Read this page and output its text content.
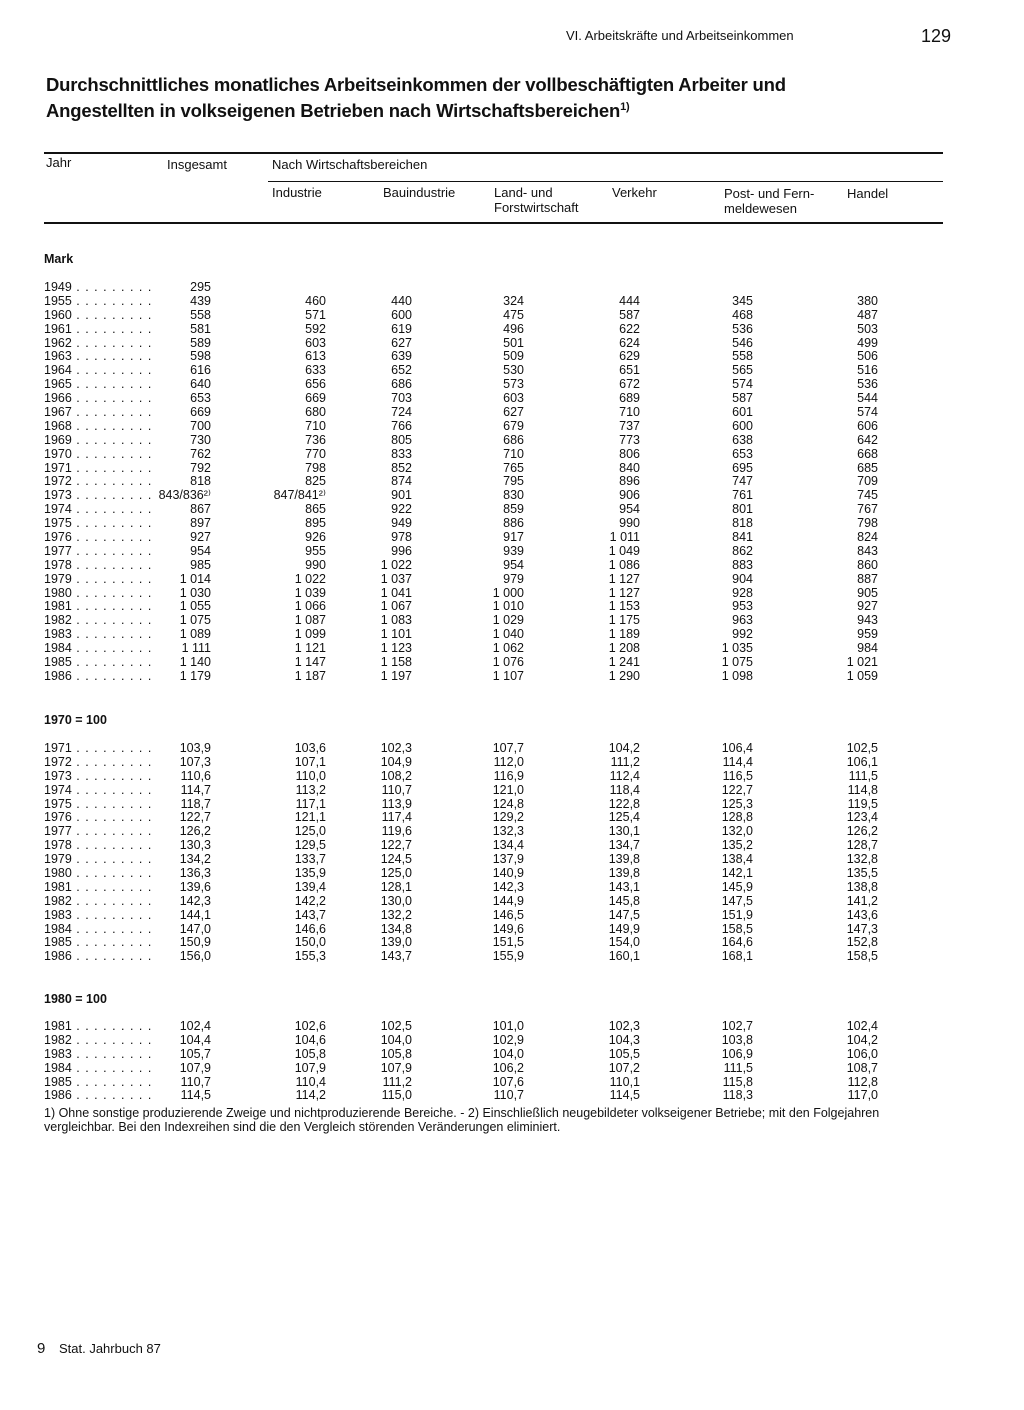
VI. Arbeitskräfte und Arbeitseinkommen	129
Durchschnittliches monatliches Arbeitseinkommen der vollbeschäftigten Arbeiter und
Angestellten in volkseigenen Betrieben nach Wirtschaftsbereichen$^{1)}$
Jahr	Insgesamt	Nach Wirtschaftsbereichen
Industrie	Bauindustrie	Land- und
Forstwirtschaft
Verkehr	Post- und Fern-
meldewesen
Handel
Mark
1949 . . .	295
1955 . . .	439	460	440	324	444	345	380
1960 . . .	558	571	600	475	587	468	487
1961 . . .	581	592	619	496	622	536	503
1962 . . .	589	603	627	501	624	546	499
1963 . . .	598	613	639	509	629	558	506
1964 . . .	616	633	652	530	651	565	516
1965 . . .	640	656	686	573	672	574	536
1966 . . .	653	669	703	603	689	587	544
1967 . . .	669	680	724	627	710	601	574
1968 . . .	700	710	766	679	737	600	606
1969 . . .	730	736	805	686	773	638	642
1970 . . .	762	770	833	710	806	653	668
1971 . . .	792	798	852	765	840	695	685
1972 . . .	818	825	874	795	896	747	709
1973 . . .	843/836²⁾	847/841²⁾	901	830	906	761	745
1974 . . .	867	865	922	859	954	801	767
1975 . . .	897	895	949	886	990	818	798
1976 . . .	927	926	978	917	1 011	841	824
1977 . . .	954	955	996	939	1 049	862	843
1978 . . .	985	990	1 022	954	1 086	883	860
1979 . . .	1 014	1 022	1 037	979	1 127	904	887
1980 . . .	1 030	1 039	1 041	1 000	1 127	928	905
1981 . . .	1 055	1 066	1 067	1 010	1 153	953	927
1982 . . .	1 075	1 087	1 083	1 029	1 175	963	943
1983 . . .	1 089	1 099	1 101	1 040	1 189	992	959
1984 . . .	1 111	1 121	1 123	1 062	1 208	1 035	984
1985 . . .	1 140	1 147	1 158	1 076	1 241	1 075	1 021
1986 . . .	1 179	1 187	1 197	1 107	1 290	1 098	1 059
1970 = 100
1971 . . .	103,9	103,6	102,3	107,7	104,2	106,4	102,5
1972 . . .	107,3	107,1	104,9	112,0	111,2	114,4	106,1
1973 . . .	110,6	110,0	108,2	116,9	112,4	116,5	111,5
1974 . . .	114,7	113,2	110,7	121,0	118,4	122,7	114,8
1975 . . .	118,7	117,1	113,9	124,8	122,8	125,3	119,5
1976 . . .	122,7	121,1	117,4	129,2	125,4	128,8	123,4
1977 . . .	126,2	125,0	119,6	132,3	130,1	132,0	126,2
1978 . . .	130,3	129,5	122,7	134,4	134,7	135,2	128,7
1979 . . .	134,2	133,7	124,5	137,9	139,8	138,4	132,8
1980 . . .	136,3	135,9	125,0	140,9	139,8	142,1	135,5
1981 . . .	139,6	139,4	128,1	142,3	143,1	145,9	138,8
1982 . . .	142,3	142,2	130,0	144,9	145,8	147,5	141,2
1983 . . .	144,1	143,7	132,2	146,5	147,5	151,9	143,6
1984 . . .	147,0	146,6	134,8	149,6	149,9	158,5	147,3
1985 . . .	150,9	150,0	139,0	151,5	154,0	164,6	152,8
1986 . . .	156,0	155,3	143,7	155,9	160,1	168,1	158,5
1980 = 100
1981 . . .	102,4	102,6	102,5	101,0	102,3	102,7	102,4
1982 . . .	104,4	104,6	104,0	102,9	104,3	103,8	104,2
1983 . . .	105,7	105,8	105,8	104,0	105,5	106,9	106,0
1984 . . .	107,9	107,9	107,9	106,2	107,2	111,5	108,7
1985 . . .	110,7	110,4	111,2	107,6	110,1	115,8	112,8
1986 . . .	114,5	114,2	115,0	110,7	114,5	118,3	117,0
1) Ohne sonstige produzierende Zweige und nichtproduzierende Bereiche. - 2) Einschließlich neugebildeter volkseigener Betriebe; mit den Folgejahren
vergleichbar. Bei den Indexreihen sind die den Vergleich störenden Veränderungen eliminiert.
9 Stat. Jahrbuch 87
